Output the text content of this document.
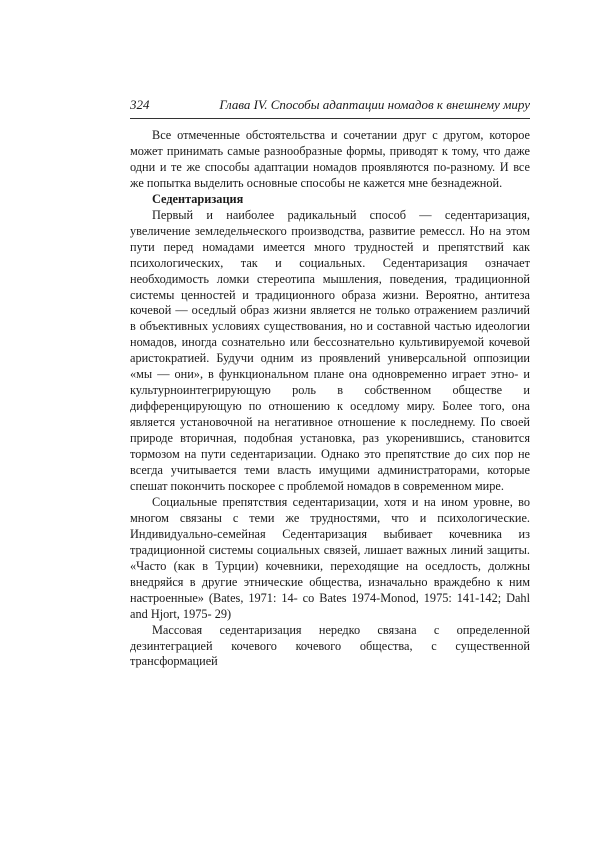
324	Глава IV. Способы адаптации номадов к внешнему миру

Все отмеченные обстоятельства и сочетании друг с другом, которое может принимать самые разнообразные формы, приводят к тому, что даже одни и те же способы адаптации номадов проявляются по-разному. И все же попытка выделить основные способы не кажется мне безнадежной.

Седентаризация

Первый и наиболее радикальный способ — седентаризация, увеличение земледельческого производства, развитие ремессл. Но на этом пути перед номадами имеется много трудностей и препятствий как психологических, так и социальных. Седентаризация означает необходимость ломки стереотипа мышления, поведения, традиционной системы ценностей и традиционного образа жизни. Вероятно, антитеза кочевой — оседлый образ жизни является не только отражением различий в объективных условиях существования, но и составной частью идеологии номадов, иногда сознательно или бессознательно культивируемой кочевой аристократией. Будучи одним из проявлений универсальной оппозиции «мы — они», в функциональном плане она одновременно играет этно- и культурноинтегрирующую роль в собственном обществе и дифференцирующую по отношению к оседлому миру. Более того, она является установочной на негативное отношение к последнему. По своей природе вторичная, подобная установка, раз укоренившись, становится тормозом на пути седентаризации. Однако это препятствие до сих пор не всегда учитывается теми власть имущими администраторами, которые спешат покончить поскорее с проблемой номадов в современном мире.

Социальные препятствия седентаризации, хотя и на ином уровне, во многом связаны с теми же трудностями, что и психологические. Индивидуально-семейная Седентаризация выбивает кочевника из традиционной системы социальных связей, лишает важных линий защиты. «Часто (как в Турции) кочевники, переходящие на оседлость, должны внедряйся в другие этнические общества, изначально враждебно к ним настроенные» (Bates, 1971: 14- co Bates 1974-Monod, 1975: 141-142; Dahl and Hjort, 1975- 29)

Массовая седентаризация нередко связана с определенной дезинтеграцией кочевого кочевого общества, с существенной трансформацией
